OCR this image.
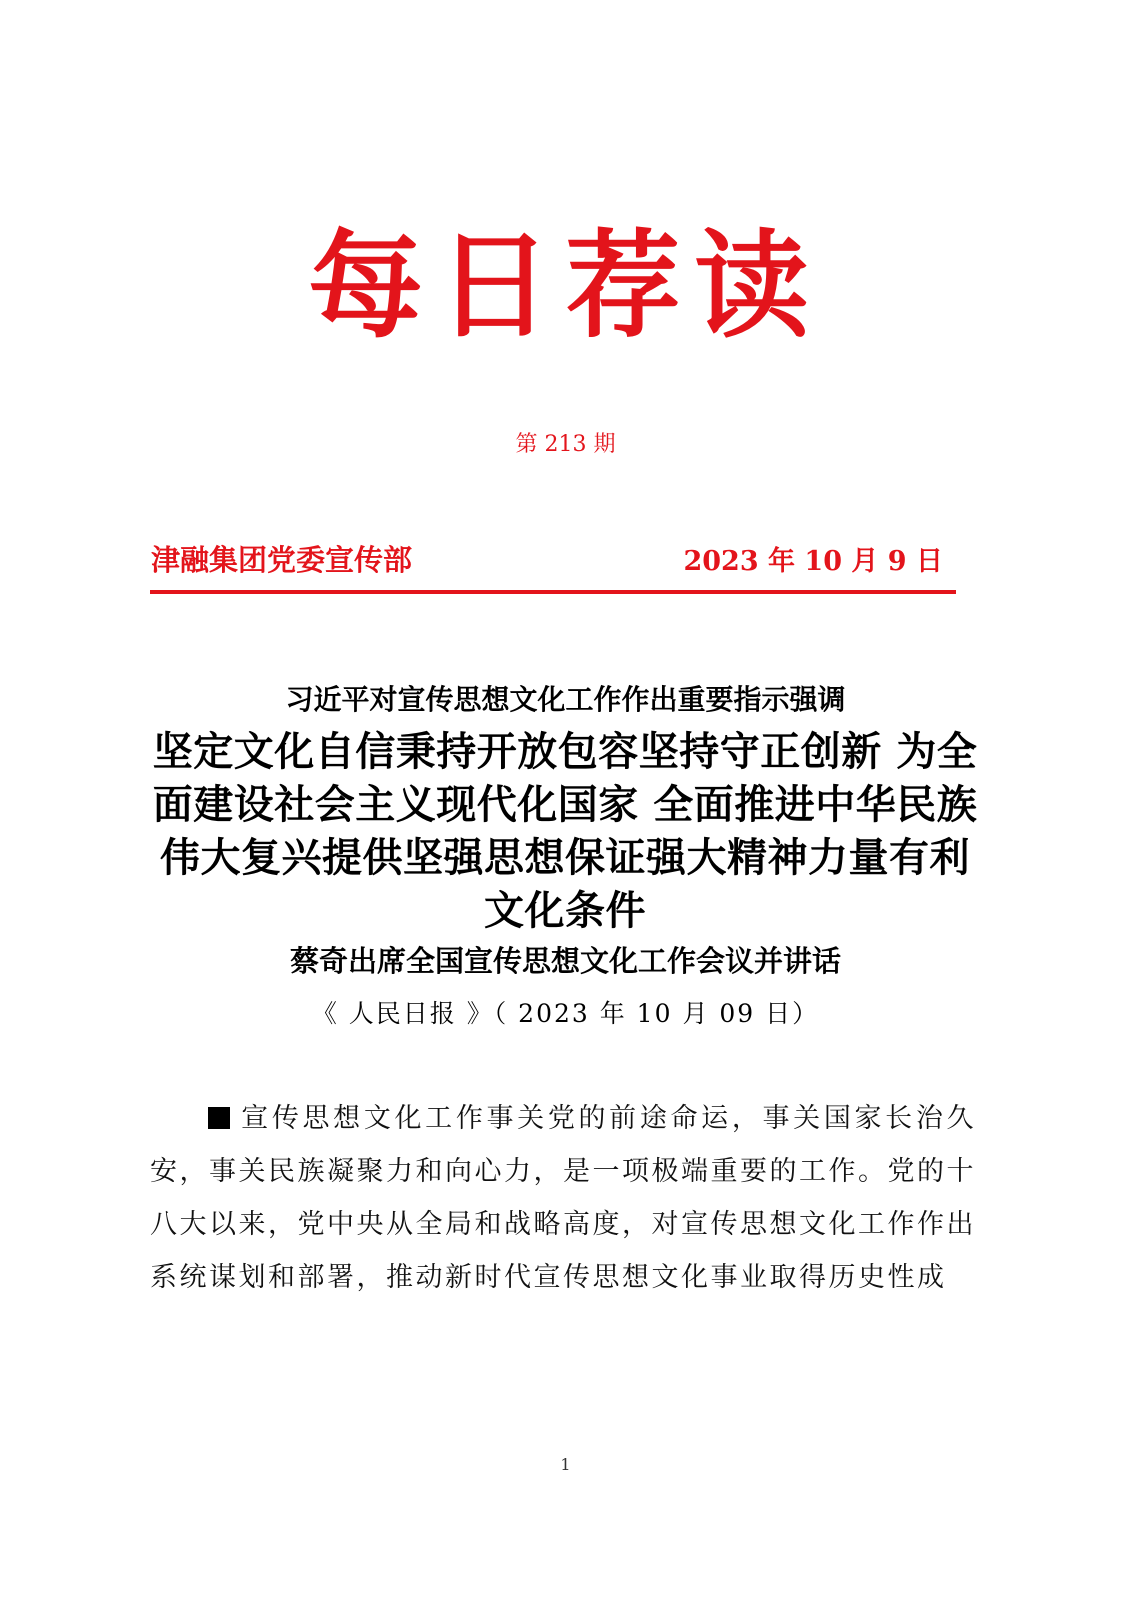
每日荐读
第 213 期
津融集团党委宣传部	2023 年 10 月 9 日
习近平对宣传思想文化工作作出重要指示强调
坚定文化自信秉持开放包容坚持守正创新 为全面建设社会主义现代化国家 全面推进中华民族伟大复兴提供坚强思想保证强大精神力量有利文化条件
蔡奇出席全国宣传思想文化工作会议并讲话
《 人民日报 》（ 2023 年 10 月 09 日）
宣传思想文化工作事关党的前途命运，事关国家长治久安，事关民族凝聚力和向心力，是一项极端重要的工作。党的十八大以来，党中央从全局和战略高度，对宣传思想文化工作作出系统谋划和部署，推动新时代宣传思想文化事业取得历史性成
1
